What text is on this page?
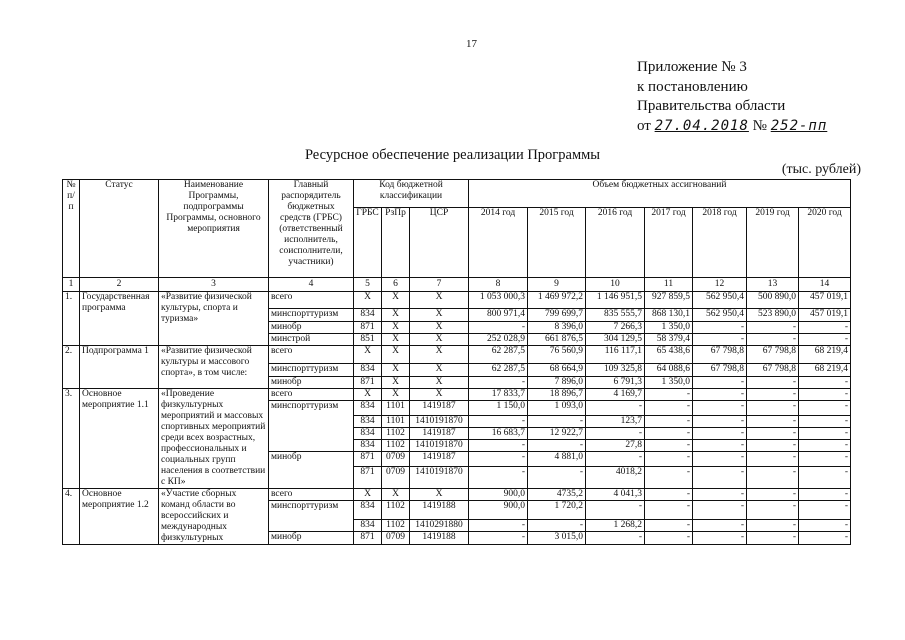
17
Приложение № 3
к постановлению
Правительства области
от 27.04.2018 № 252-пп
Ресурсное обеспечение реализации Программы
(тыс. рублей)
№ п/п	Статус	Наименование Программы, подпрограммы Программы, основного мероприятия	Главный распорядитель бюджетных средств (ГРБС) (ответственный исполнитель, соисполнители, участники)	Код бюджетной классификации			Объем бюджетных ассигнований						
				ГРБС	РзПр	ЦСР	2014 год	2015 год	2016 год	2017 год	2018 год	2019 год	2020 год
1	2	3	4	5	6	7	8	9	10	11	12	13	14
1.	Государственная программа	«Развитие физической культуры, спорта и туризма»	всего	Х	Х	Х	1 053 000,3	1 469 972,2	1 146 951,5	927 859,5	562 950,4	500 890,0	457 019,1
			минспорттуризм	834	Х	Х	800 971,4	799 699,7	835 555,7	868 130,1	562 950,4	523 890,0	457 019,1
			минобр	871	Х	Х	-	8 396,0	7 266,3	1 350,0	-	-	-
			минстрой	851	Х	Х	252 028,9	661 876,5	304 129,5	58 379,4	-	-	-
2.	Подпрограмма 1	«Развитие физической культуры и массового спорта», в том числе:	всего	Х	Х	Х	62 287,5	76 560,9	116 117,1	65 438,6	67 798,8	67 798,8	68 219,4
			минспорттуризм	834	Х	Х	62 287,5	68 664,9	109 325,8	64 088,6	67 798,8	67 798,8	68 219,4
			минобр	871	Х	Х	-	7 896,0	6 791,3	1 350,0	-	-	-
3.	Основное мероприятие 1.1	«Проведение физкультурных мероприятий и массовых спортивных мероприятий среди всех возрастных, профессиональных и социальных групп населения в соответствии с КП»	всего	Х	Х	Х	17 833,7	18 896,7	4 169,7	-	-	-	-
			минспорттуризм	834	1101	1419187	1 150,0	1 093,0	-	-	-	-	-
				834	1101	1410191870	-	-	123,7	-	-	-	-
				834	1102	1419187	16 683,7	12 922,7	-	-	-	-	-
				834	1102	1410191870	-	-	27,8	-	-	-	-
			минобр	871	0709	1419187	-	4 881,0	-	-	-	-	-
				871	0709	1410191870	-	-	4018,2	-	-	-	-
4.	Основное мероприятие 1.2	«Участие сборных команд области во всероссийских и международных физкультурных	всего	Х	Х	Х	900,0	4735,2	4 041,3	-	-	-	-
			минспорттуризм	834	1102	1419188	900,0	1 720,2	-	-	-	-	-
				834	1102	1410291880	-	-	1 268,2	-	-	-	-
			минобр	871	0709	1419188	-	3 015,0	-	-	-	-	-
